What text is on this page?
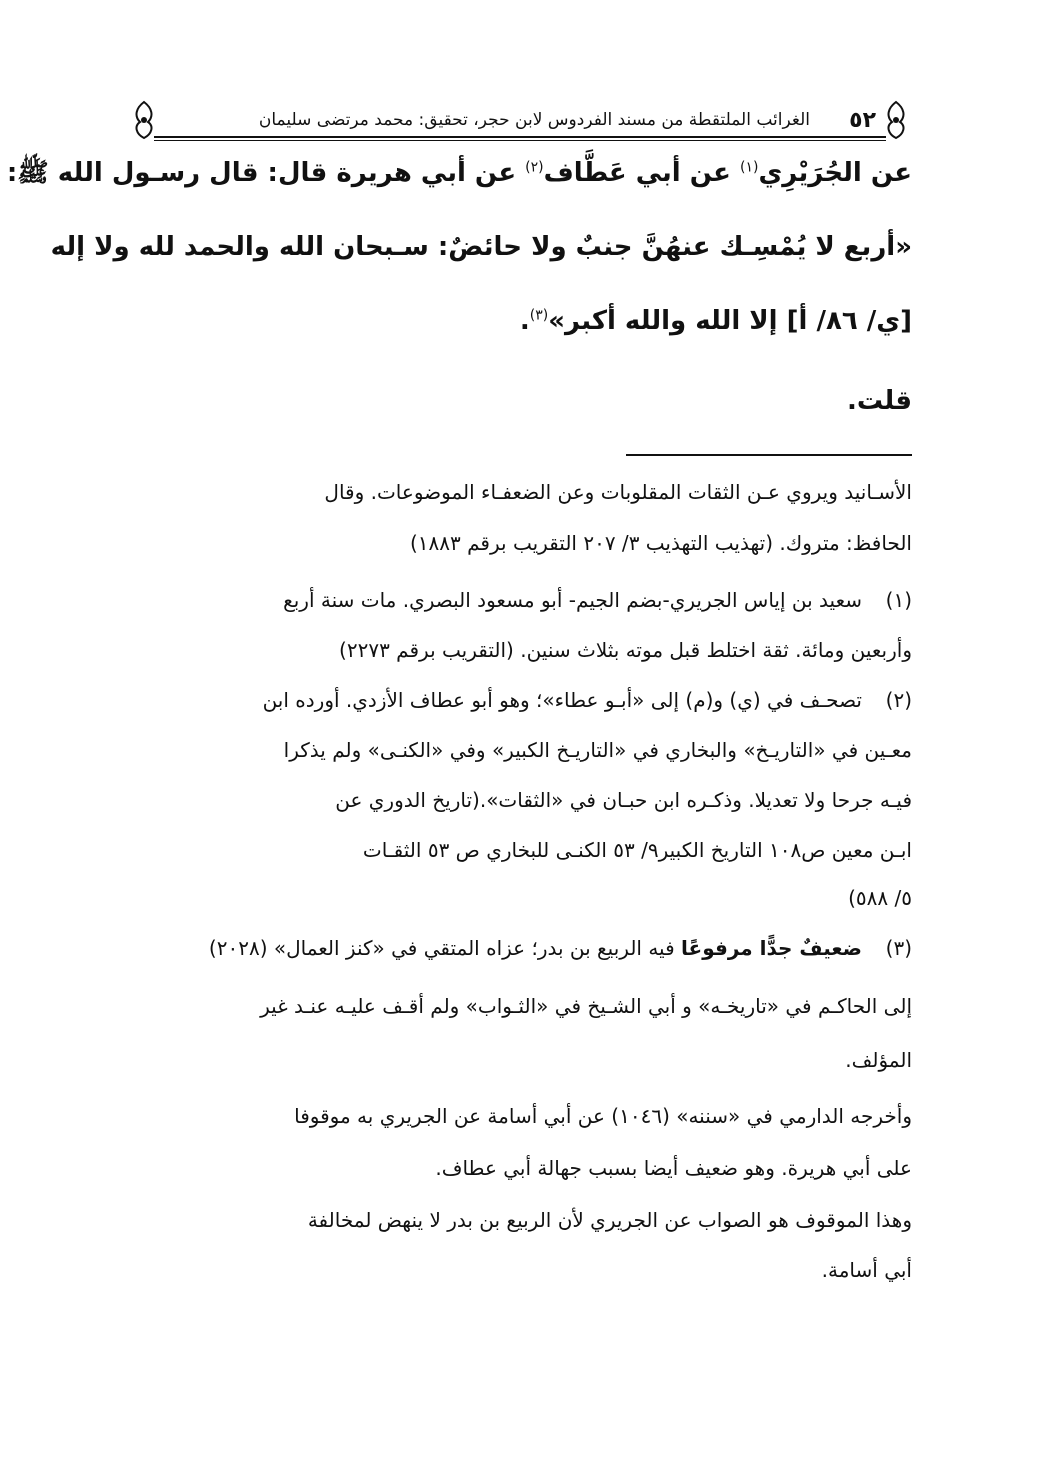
٥٢
الغرائب الملتقطة من مسند الفردوس لابن حجر، تحقيق: محمد مرتضى سليمان
عن الجُرَيْرِي$^{(١)}$ عن أبي عَطَّاف$^{(٢)}$ عن أبي هريرة قال: قال رسـول الله ﷺ:
«أربع لا يُمْسِـك عنهُنَّ جنبٌ ولا حائضٌ: سـبحان الله والحمد لله ولا إله
[ي/ ٨٦/ أ] إلا الله والله أكبر»$^{(٣)}$.
قلت.
الأسـانيد ويروي عـن الثقات المقلوبات وعن الضعفـاء الموضوعات. وقال
الحافظ: متروك. (تهذيب التهذيب ٣/ ٢٠٧ التقريب برقم ١٨٨٣)
(١)
سعيد بن إياس الجريري-بضم الجيم- أبو مسعود البصري. مات سنة أربع
وأربعين ومائة. ثقة اختلط قبل موته بثلاث سنين. (التقريب برقم ٢٢٧٣)
(٢)
تصحـف في (ي) و(م) إلى «أبـو عطاء»؛ وهو أبو عطاف الأزدي. أورده ابن
معـين في «التاريـخ» والبخاري في «التاريـخ الكبير» وفي «الكنـى» ولم يذكرا
فيـه جرحا ولا تعديلا. وذكـره ابن حبـان في «الثقات».(تاريخ الدوري عن
ابـن معين ص١٠٨ التاريخ الكبير٩/ ٥٣ الكنـى للبخاري ص ٥٣ الثقـات
٥/ ٥٨٨)
(٣)
ضعيفٌ جدًّا مرفوعًا فيه الربيع بن بدر؛ عزاه المتقي في «كنز العمال» (٢٠٢٨)
إلى الحاكـم في «تاريخـه» و أبي الشـيخ في «الثـواب» ولم أقـف عليـه عنـد غير
المؤلف.
وأخرجه الدارمي في «سننه» (١٠٤٦) عن أبي أسامة عن الجريري به موقوفا
على أبي هريرة. وهو ضعيف أيضا بسبب جهالة أبي عطاف.
وهذا الموقوف هو الصواب عن الجريري لأن الربيع بن بدر لا ينهض لمخالفة
أبي أسامة.
